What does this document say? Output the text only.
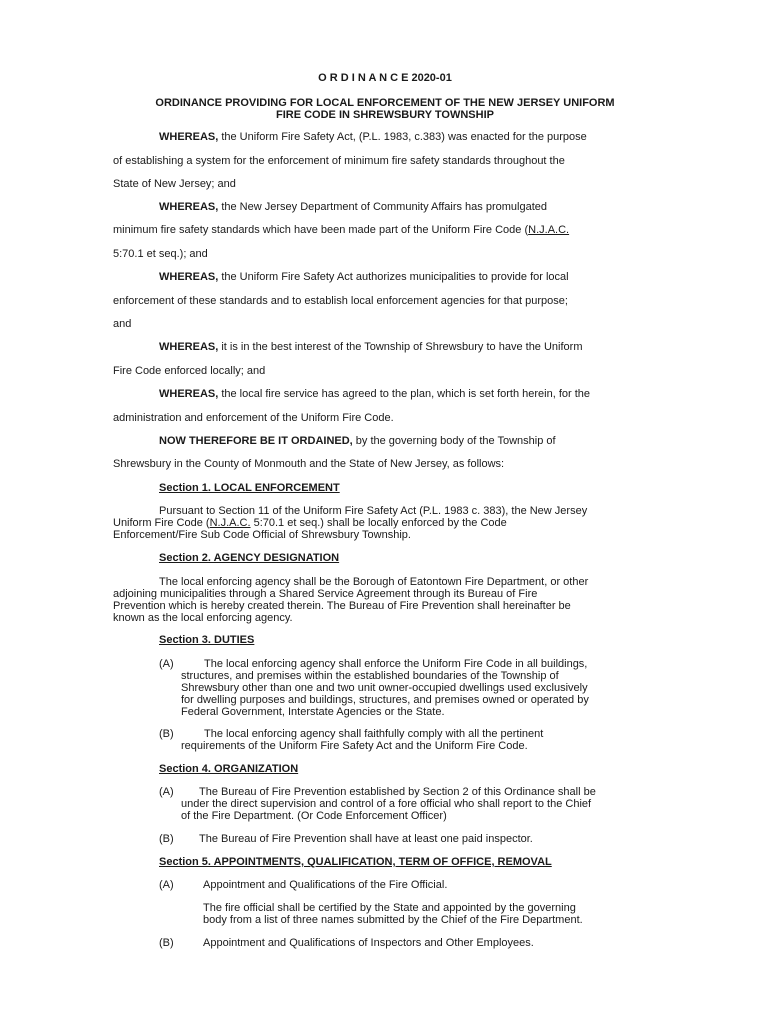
O R D I N A N C E 2020-01
ORDINANCE PROVIDING FOR LOCAL ENFORCEMENT OF THE NEW JERSEY UNIFORM
FIRE CODE IN SHREWSBURY TOWNSHIP
WHEREAS, the Uniform Fire Safety Act, (P.L. 1983, c.383) was enacted for the purpose
of establishing a system for the enforcement of minimum fire safety standards throughout the
State of New Jersey; and
WHEREAS, the New Jersey Department of Community Affairs has promulgated
minimum fire safety standards which have been made part of the Uniform Fire Code (N.J.A.C.
5:70.1 et seq.); and
WHEREAS, the Uniform Fire Safety Act authorizes municipalities to provide for local
enforcement of these standards and to establish local enforcement agencies for that purpose;
and
WHEREAS, it is in the best interest of the Township of Shrewsbury to have the Uniform
Fire Code enforced locally; and
WHEREAS, the local fire service has agreed to the plan, which is set forth herein, for the
administration and enforcement of the Uniform Fire Code.
NOW THEREFORE BE IT ORDAINED, by the governing body of the Township of
Shrewsbury in the County of Monmouth and the State of New Jersey, as follows:
Section 1. LOCAL ENFORCEMENT
Pursuant to Section 11 of the Uniform Fire Safety Act (P.L. 1983 c. 383), the New Jersey
Uniform Fire Code (N.J.A.C. 5:70.1 et seq.) shall be locally enforced by the Code
Enforcement/Fire Sub Code Official of Shrewsbury Township.
Section 2. AGENCY DESIGNATION
The local enforcing agency shall be the Borough of Eatontown Fire Department, or other
adjoining municipalities through a Shared Service Agreement through its Bureau of Fire
Prevention which is hereby created therein. The Bureau of Fire Prevention shall hereinafter be
known as the local enforcing agency.
Section 3. DUTIES
(A)	The local enforcing agency shall enforce the Uniform Fire Code in all buildings,
structures, and premises within the established boundaries of the Township of
Shrewsbury other than one and two unit owner-occupied dwellings used exclusively
for dwelling purposes and buildings, structures, and premises owned or operated by
Federal Government, Interstate Agencies or the State.
(B)	The local enforcing agency shall faithfully comply with all the pertinent
requirements of the Uniform Fire Safety Act and the Uniform Fire Code.
Section 4. ORGANIZATION
(A) The Bureau of Fire Prevention established by Section 2 of this Ordinance shall be
under the direct supervision and control of a fore official who shall report to the Chief
of the Fire Department. (Or Code Enforcement Officer)
(B) The Bureau of Fire Prevention shall have at least one paid inspector.
Section 5. APPOINTMENTS, QUALIFICATION, TERM OF OFFICE, REMOVAL
(A)	Appointment and Qualifications of the Fire Official.
The fire official shall be certified by the State and appointed by the governing
body from a list of three names submitted by the Chief of the Fire Department.
(B)	Appointment and Qualifications of Inspectors and Other Employees.
